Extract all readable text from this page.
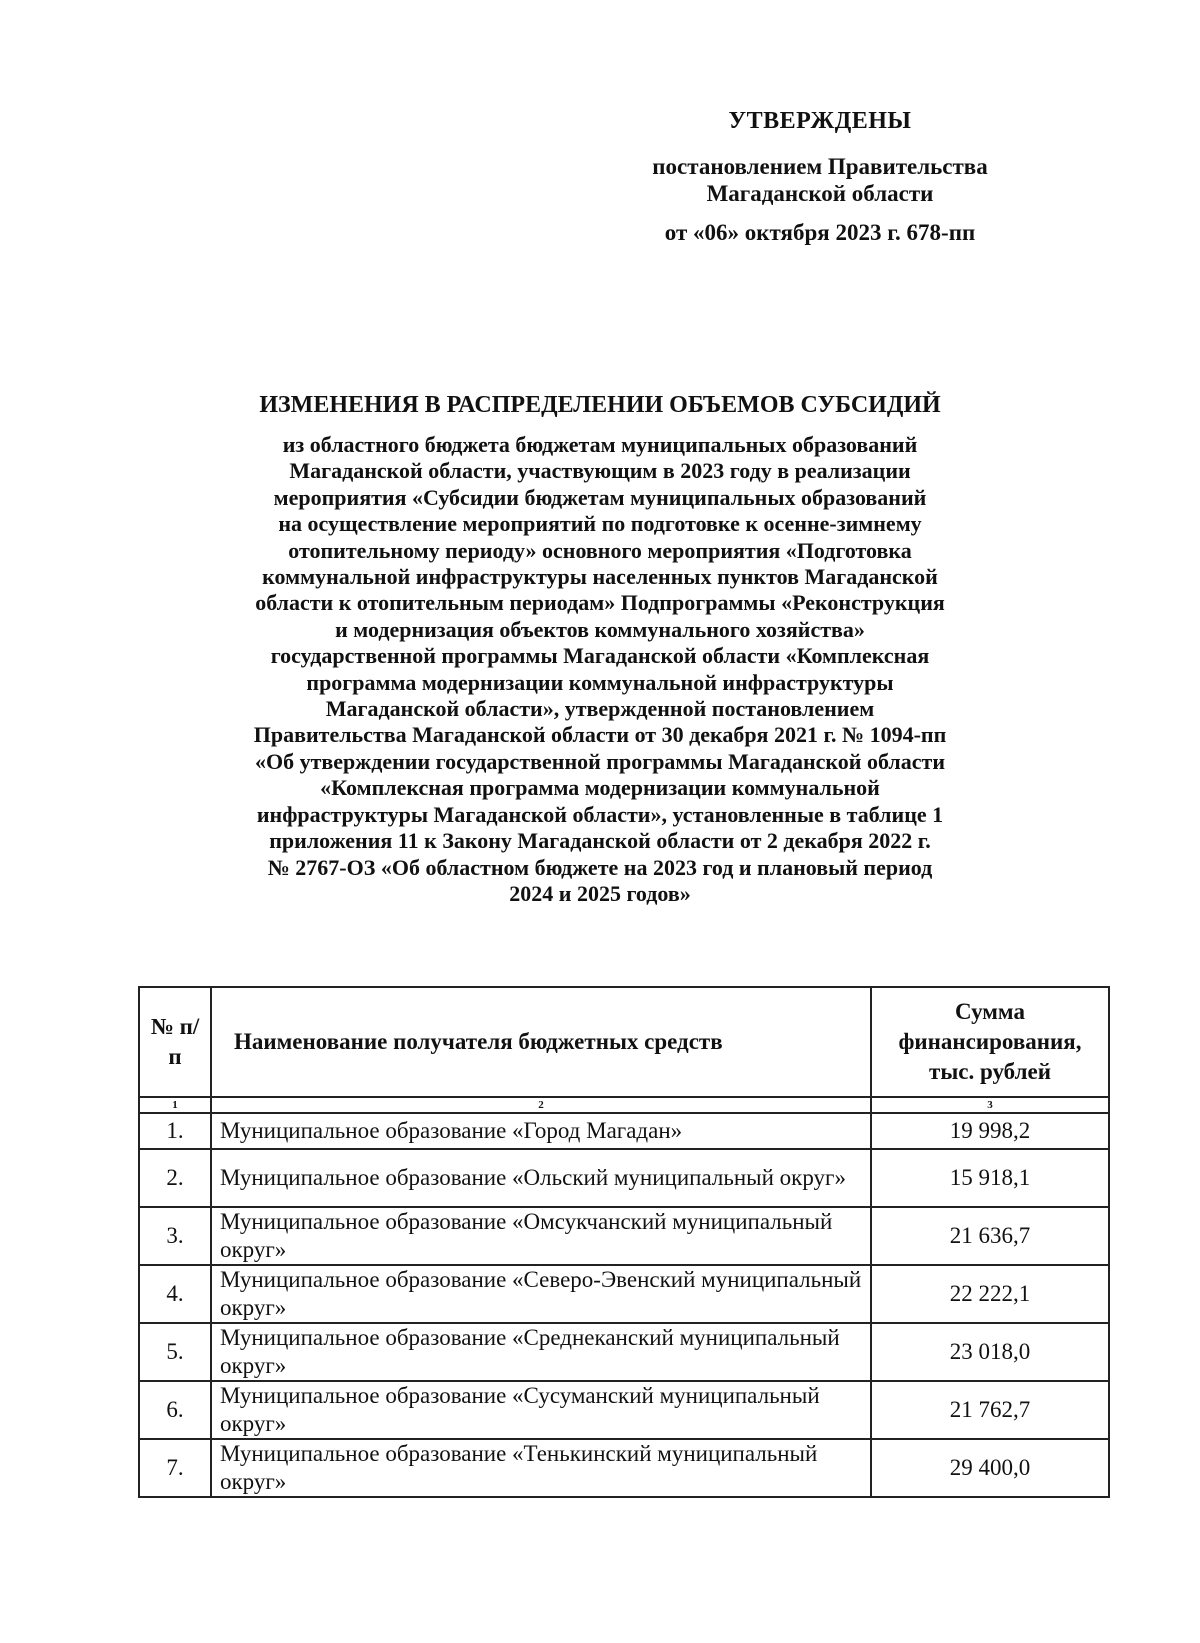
УТВЕРЖДЕНЫ
постановлением Правительства
Магаданской области
от «06» октября 2023 г. 678-пп
ИЗМЕНЕНИЯ В РАСПРЕДЕЛЕНИИ ОБЪЕМОВ СУБСИДИЙ
из областного бюджета бюджетам муниципальных образований
Магаданской области, участвующим в 2023 году в реализации
мероприятия «Субсидии бюджетам муниципальных образований
на осуществление мероприятий по подготовке к осенне-зимнему
отопительному периоду» основного мероприятия «Подготовка
коммунальной инфраструктуры населенных пунктов Магаданской
области к отопительным периодам» Подпрограммы «Реконструкция
и модернизация объектов коммунального хозяйства»
государственной программы Магаданской области «Комплексная
программа модернизации коммунальной инфраструктуры
Магаданской области», утвержденной постановлением
Правительства Магаданской области от 30 декабря 2021 г. № 1094-пп
«Об утверждении государственной программы Магаданской области
«Комплексная программа модернизации коммунальной
инфраструктуры Магаданской области», установленные в таблице 1
приложения 11 к Закону Магаданской области от 2 декабря 2022 г.
№ 2767-ОЗ «Об областном бюджете на 2023 год и плановый период
2024 и 2025 годов»
№ п/п	Наименование получателя бюджетных средств	Сумма финансирования, тыс. рублей
1	2	3
1.	Муниципальное образование «Город Магадан»	19 998,2
2.	Муниципальное образование «Ольский муниципальный округ»	15 918,1
3.	Муниципальное образование «Омсукчанский муниципальный округ»	21 636,7
4.	Муниципальное образование «Северо-Эвенский муниципальный округ»	22 222,1
5.	Муниципальное образование «Среднеканский муниципальный округ»	23 018,0
6.	Муниципальное образование «Сусуманский муниципальный округ»	21 762,7
7.	Муниципальное образование «Тенькинский муниципальный округ»	29 400,0
